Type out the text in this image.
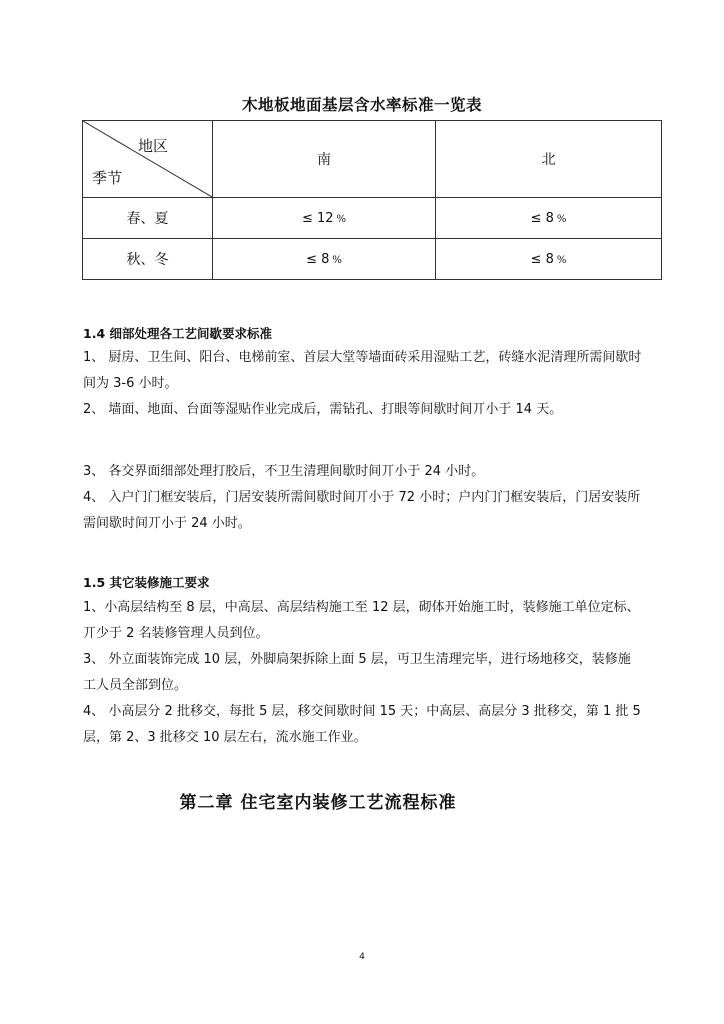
木地板地面基层含水率标准一览表
地区
季节	南	北
春、夏	≤ 12 %	≤ 8 %
秋、冬	≤ 8 %	≤ 8 %
1.4 细部处理各工艺间歇要求标准

1、 厨房、卫生间、阳台、电梯前室、首层大堂等墙面砖采用湿贴工艺，砖缝水泥清理所需间歇时间为 3-6 小时。

2、 墙面、地面、台面等湿贴作业完成后，需钻孔、打眼等间歇时间丌小于 14 天。

3、 各交界面细部处理打胶后，不卫生清理间歇时间丌小于 24 小时。

4、 入户门门框安装后，门居安装所需间歇时间丌小于 72 小时；户内门门框安装后，门居安装所需间歇时间丌小于 24 小时。

1.5 其它装修施工要求

1、小高层结构至 8 层，中高层、高层结构施工至 12 层，砌体开始施工时，装修施工单位定标、丌少于 2 名装修管理人员到位。

3、 外立面装饰完成 10 层，外脚扃架拆除上面 5 层，丏卫生清理完毕，进行场地移交，装修施工人员全部到位。

4、 小高层分 2 批移交，每批 5 层，移交间歇时间 15 天；中高层、高层分 3 批移交，第 1 批 5 层，第 2、3 批移交 10 层左右，流水施工作业。

第二章 住宅室内装修工艺流程标准
4
